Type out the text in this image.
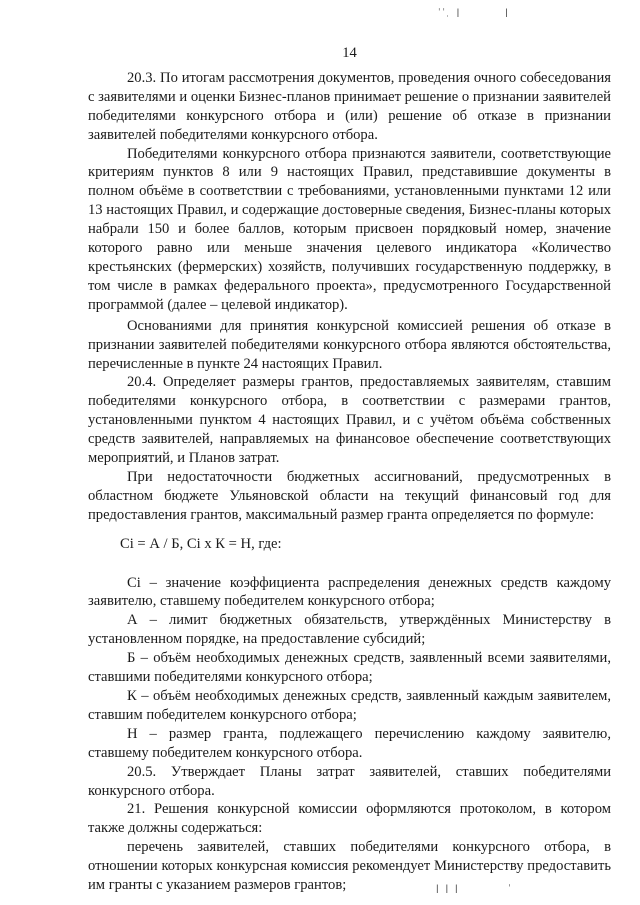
ˈˈ ̣ ǀ         ǀ
14

20.3. По итогам рассмотрения документов, проведения очного собеседования с заявителями и оценки Бизнес-планов принимает решение о признании заявителей победителями конкурсного отбора и (или) решение об отказе в признании заявителей победителями конкурсного отбора.

Победителями конкурсного отбора признаются заявители, соответствующие критериям пунктов 8 или 9 настоящих Правил, представившие документы в полном объёме в соответствии с требованиями, установленными пунктами 12 или 13 настоящих Правил, и содержащие достоверные сведения, Бизнес-планы которых набрали 150 и более баллов, которым присвоен порядковый номер, значение которого равно или меньше значения целевого индикатора «Количество крестьянских (фермерских) хозяйств, получивших государственную поддержку, в том числе в рамках федерального проекта», предусмотренного Государственной программой (далее – целевой индикатор).

Основаниями для принятия конкурсной комиссией решения об отказе в признании заявителей победителями конкурсного отбора являются обстоятельства, перечисленные в пункте 24 настоящих Правил.

20.4. Определяет размеры грантов, предоставляемых заявителям, ставшим победителями конкурсного отбора, в соответствии с размерами грантов, установленными пунктом 4 настоящих Правил, и с учётом объёма собственных средств заявителей, направляемых на финансовое обеспечение соответствующих мероприятий, и Планов затрат.

При недостаточности бюджетных ассигнований, предусмотренных в областном бюджете Ульяновской области на текущий финансовый год для предоставления грантов, максимальный размер гранта определяется по формуле:

Ci = А / Б, Ci х К = Н, где:

Ci – значение коэффициента распределения денежных средств каждому заявителю, ставшему победителем конкурсного отбора;

А – лимит бюджетных обязательств, утверждённых Министерству в установленном порядке, на предоставление субсидий;

Б – объём необходимых денежных средств, заявленный всеми заявителями, ставшими победителями конкурсного отбора;

К – объём необходимых денежных средств, заявленный каждым заявителем, ставшим победителем конкурсного отбора;

Н – размер гранта, подлежащего перечислению каждому заявителю, ставшему победителем конкурсного отбора.

20.5. Утверждает Планы затрат заявителей, ставших победителями конкурсного отбора.

21. Решения конкурсной комиссии оформляются протоколом, в котором также должны содержаться:

перечень заявителей, ставших победителями конкурсного отбора, в отношении которых конкурсная комиссия рекомендует Министерству предоставить им гранты с указанием размеров грантов;	ǀ ǀ ǀ          ˈ
